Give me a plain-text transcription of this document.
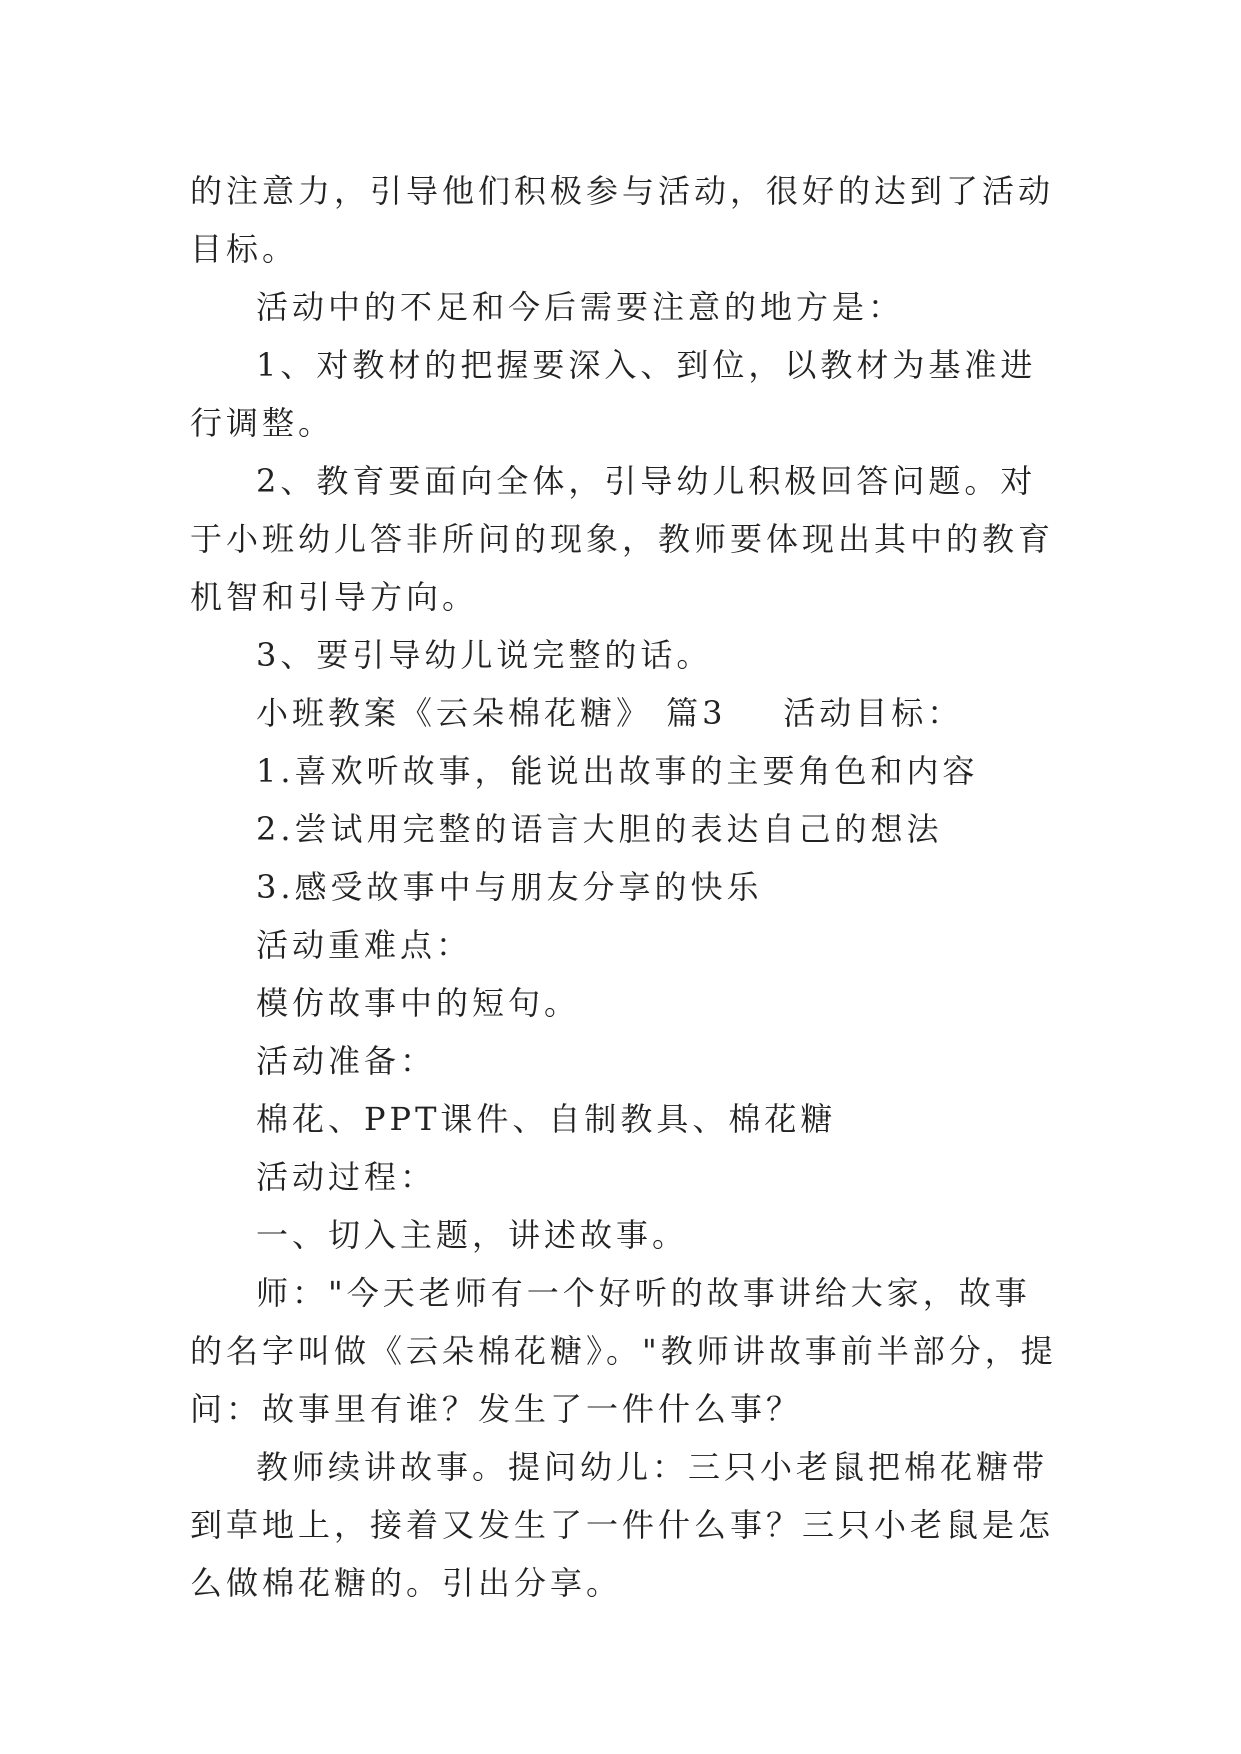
的注意力，引导他们积极参与活动，很好的达到了活动目标。

活动中的不足和今后需要注意的地方是：

1、对教材的把握要深入、到位，以教材为基准进行调整。

2、教育要面向全体，引导幼儿积极回答问题。对于小班幼儿答非所问的现象，教师要体现出其中的教育机智和引导方向。

3、要引导幼儿说完整的话。

小班教案《云朵棉花糖》 篇3    活动目标：

1.喜欢听故事，能说出故事的主要角色和内容

2.尝试用完整的语言大胆的表达自己的想法

3.感受故事中与朋友分享的快乐

活动重难点：

模仿故事中的短句。

活动准备：

棉花、PPT课件、自制教具、棉花糖

活动过程：

一、切入主题，讲述故事。

师："今天老师有一个好听的故事讲给大家，故事的名字叫做《云朵棉花糖》。"教师讲故事前半部分，提问：故事里有谁？发生了一件什么事？

教师续讲故事。提问幼儿：三只小老鼠把棉花糖带到草地上，接着又发生了一件什么事？三只小老鼠是怎么做棉花糖的。引出分享。
